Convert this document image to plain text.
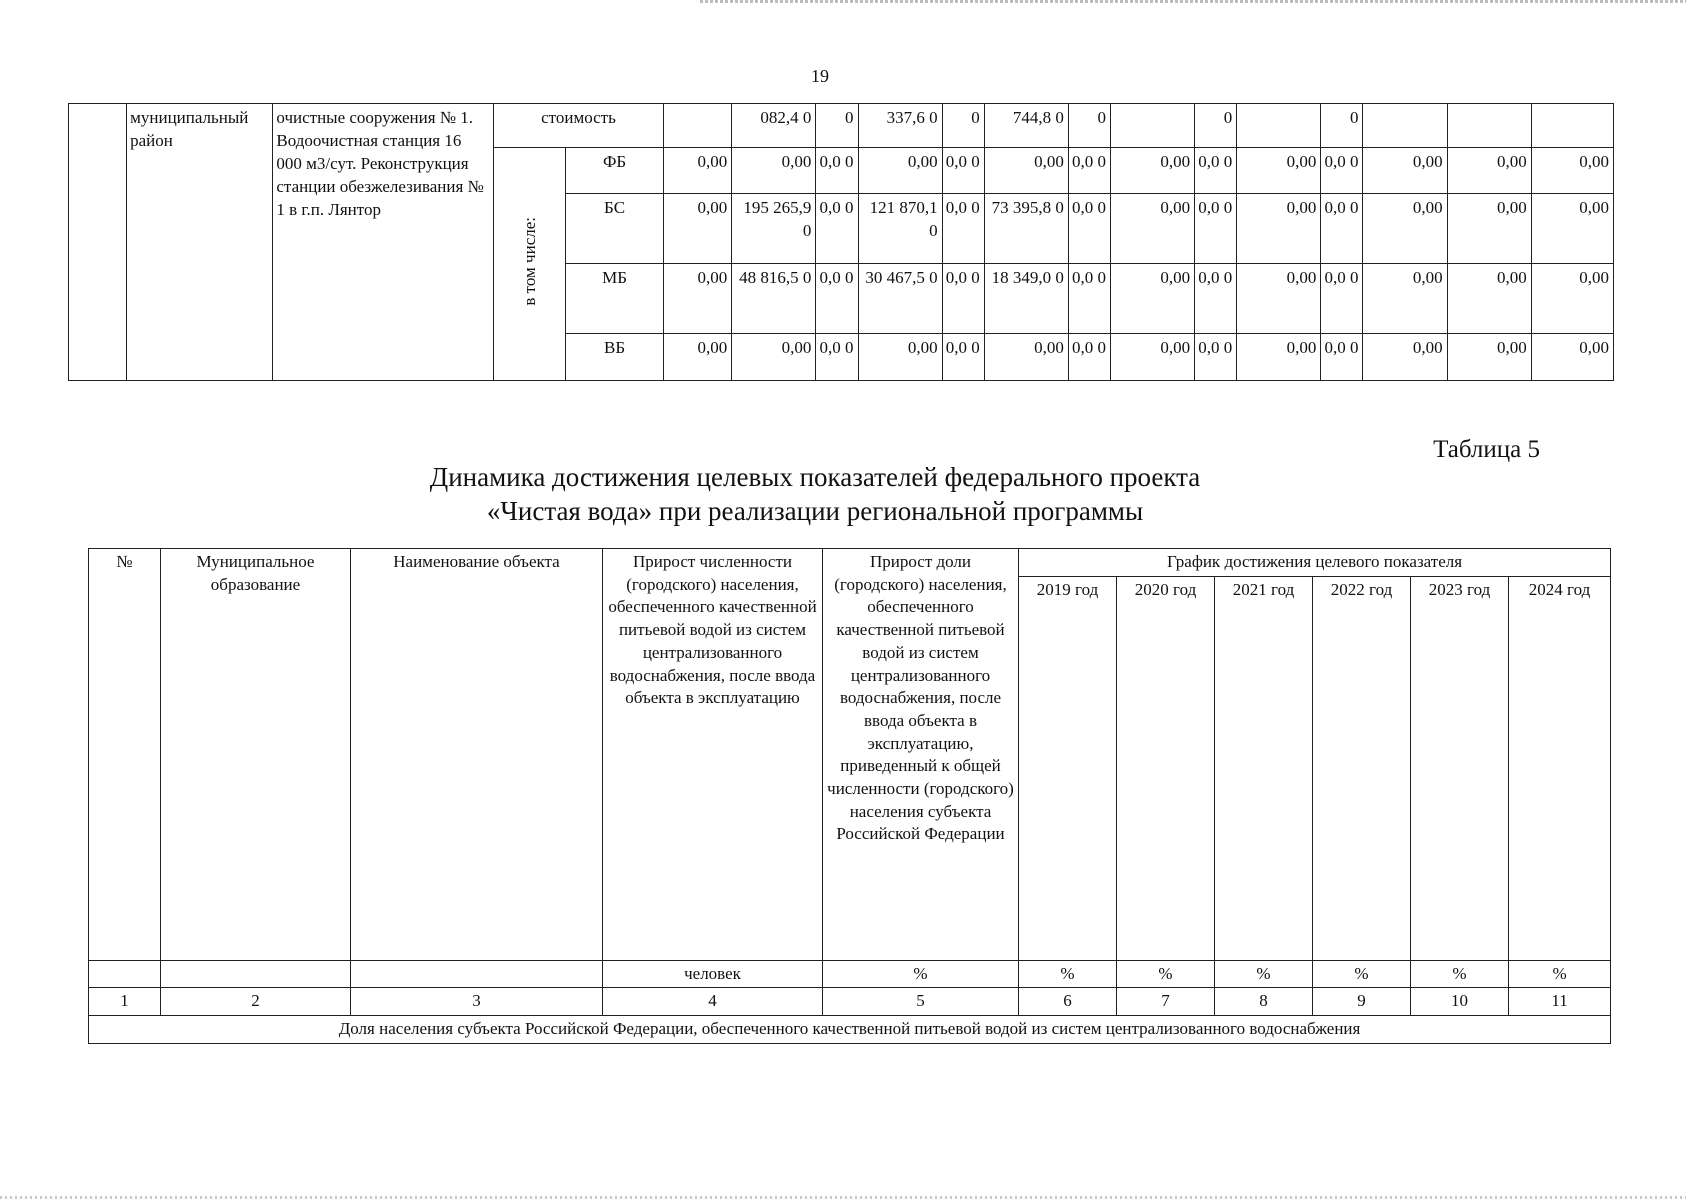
19
	муниципальный район	очистные сооружения № 1. Водоочистная станция 16 000 м3/сут. Реконструкция станции обезжелезивания № 1 в г.п. Лянтор	стоимость			082,4 0	0	337,6 0	0	744,8 0	0		0		0			
			в том числе:	ФБ	0,00	0,00	0,0 0	0,00	0,0 0	0,00	0,0 0	0,00	0,0 0	0,00	0,0 0	0,00	0,00	0,00
				БС	0,00	195 265,9 0	0,0 0	121 870,1 0	0,0 0	73 395,8 0	0,0 0	0,00	0,0 0	0,00	0,0 0	0,00	0,00	0,00
				МБ	0,00	48 816,5 0	0,0 0	30 467,5 0	0,0 0	18 349,0 0	0,0 0	0,00	0,0 0	0,00	0,0 0	0,00	0,00	0,00
				ВБ	0,00	0,00	0,0 0	0,00	0,0 0	0,00	0,0 0	0,00	0,0 0	0,00	0,0 0	0,00	0,00	0,00
Таблица 5
Динамика достижения целевых показателей федерального проекта
«Чистая вода» при реализации региональной программы
№	Муниципальное образование	Наименование объекта	Прирост численности (городского) населения, обеспеченного качественной питьевой водой из систем централизованного водоснабжения, после ввода объекта в эксплуатацию	Прирост доли (городского) населения, обеспеченного качественной питьевой водой из систем централизованного водоснабжения, после ввода объекта в эксплуатацию, приведенный к общей численности (городского) населения субъекта Российской Федерации	График достижения целевого показателя					
					2019 год	2020 год	2021 год	2022 год	2023 год	2024 год
			человек	%	%	%	%	%	%	%
1	2	3	4	5	6	7	8	9	10	11
Доля населения субъекта Российской Федерации, обеспеченного качественной питьевой водой из систем централизованного водоснабжения										
